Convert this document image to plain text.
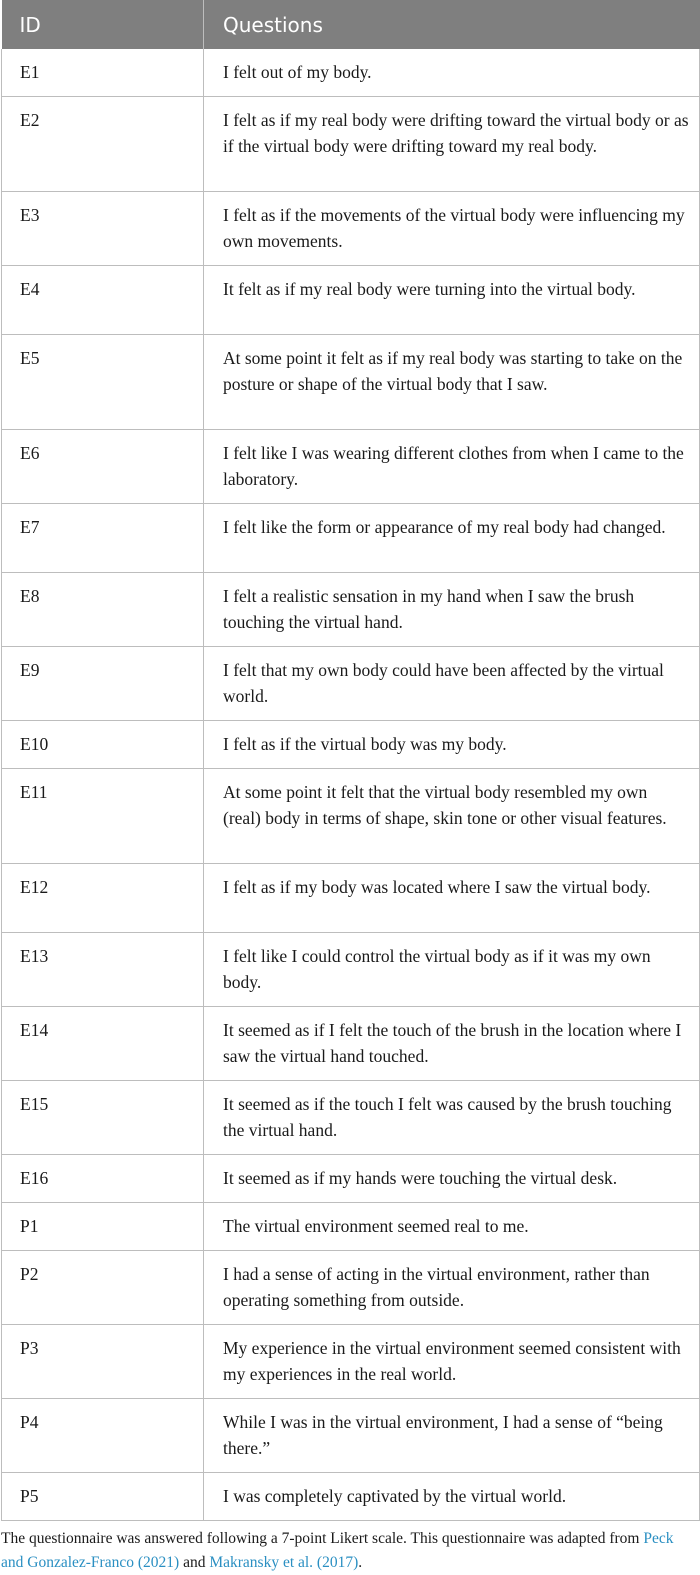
ID	Questions
E1	I felt out of my body.
E2	I felt as if my real body were drifting toward the virtual body or as if the virtual body were drifting toward my real body.
E3	I felt as if the movements of the virtual body were influencing my own movements.
E4	It felt as if my real body were turning into the virtual body.
E5	At some point it felt as if my real body was starting to take on the posture or shape of the virtual body that I saw.
E6	I felt like I was wearing different clothes from when I came to the laboratory.
E7	I felt like the form or appearance of my real body had changed.
E8	I felt a realistic sensation in my hand when I saw the brush touching the virtual hand.
E9	I felt that my own body could have been affected by the virtual world.
E10	I felt as if the virtual body was my body.
E11	At some point it felt that the virtual body resembled my own (real) body in terms of shape, skin tone or other visual features.
E12	I felt as if my body was located where I saw the virtual body.
E13	I felt like I could control the virtual body as if it was my own body.
E14	It seemed as if I felt the touch of the brush in the location where I saw the virtual hand touched.
E15	It seemed as if the touch I felt was caused by the brush touching the virtual hand.
E16	It seemed as if my hands were touching the virtual desk.
P1	The virtual environment seemed real to me.
P2	I had a sense of acting in the virtual environment, rather than operating something from outside.
P3	My experience in the virtual environment seemed consistent with my experiences in the real world.
P4	While I was in the virtual environment, I had a sense of “being there.”
P5	I was completely captivated by the virtual world.

The questionnaire was answered following a 7-point Likert scale. This questionnaire was adapted from Peck and Gonzalez-Franco (2021) and Makransky et al. (2017).
